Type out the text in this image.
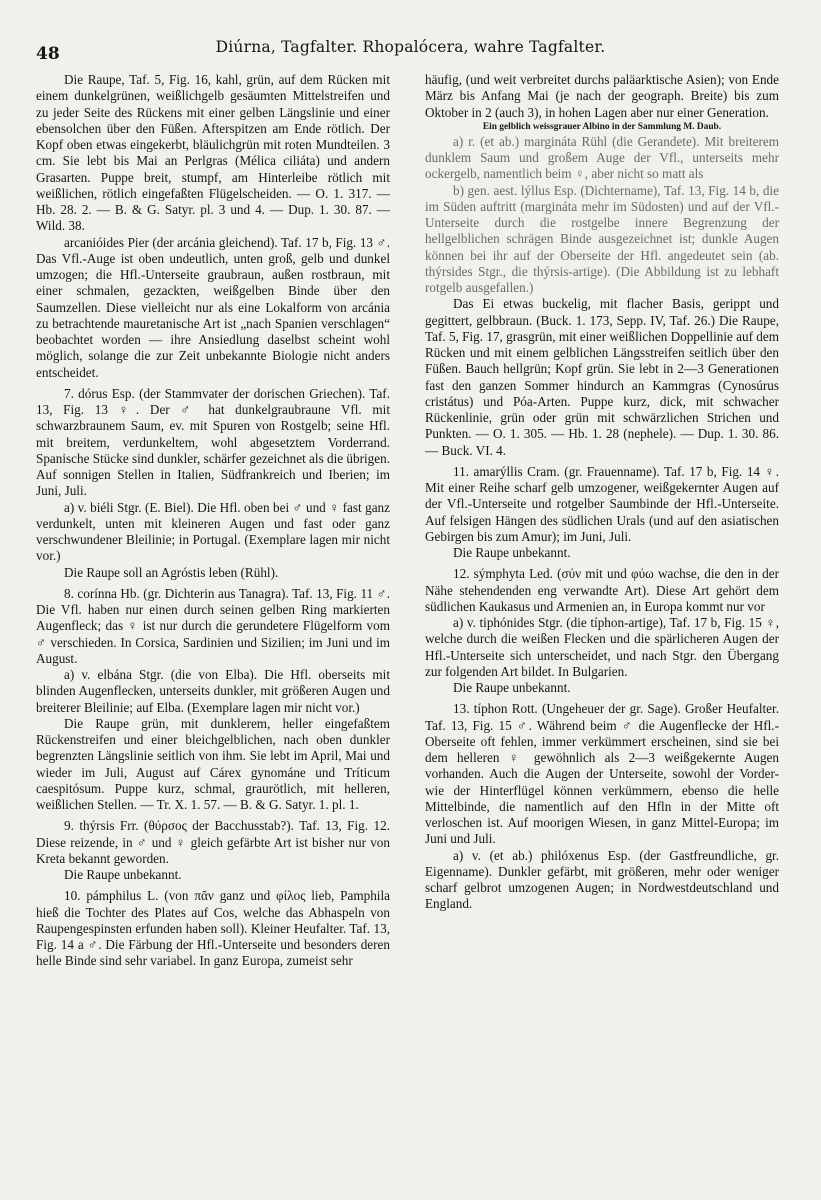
48	Diúrna, Tagfalter. Rhopalócera, wahre Tagfalter.

Die Raupe, Taf. 5, Fig. 16, kahl, grün, auf dem Rücken mit einem dunkelgrünen, weißlichgelb gesäumten Mittelstreifen und zu jeder Seite des Rückens mit einer gelben Längslinie und einer ebensolchen über den Füßen. Afterspitzen am Ende rötlich. Der Kopf oben etwas eingekerbt, bläulichgrün mit roten Mundteilen. 3 cm. Sie lebt bis Mai an Perlgras (Mélica ciliáta) und andern Grasarten. Puppe breit, stumpf, am Hinterleibe rötlich mit weißlichen, rötlich eingefaßten Flügelscheiden. — O. 1. 317. — Hb. 28. 2. — B. & G. Satyr. pl. 3 und 4. — Dup. 1. 30. 87. — Wild. 38.

arcanióides Pier (der arcánia gleichend). Taf. 17 b, Fig. 13 ♂. Das Vfl.-Auge ist oben undeutlich, unten groß, gelb und dunkel umzogen; die Hfl.-Unterseite graubraun, außen rostbraun, mit einer schmalen, gezackten, weißgelben Binde über den Saumzellen. Diese vielleicht nur als eine Lokalform von arcánia zu betrachtende mauretanische Art ist „nach Spanien verschlagen“ beobachtet worden — ihre Ansiedlung daselbst scheint wohl möglich, solange die zur Zeit unbekannte Biologie nicht anders entscheidet.

7. dórus Esp. (der Stammvater der dorischen Griechen). Taf. 13, Fig. 13 ♀. Der ♂ hat dunkelgraubraune Vfl. mit schwarzbraunem Saum, ev. mit Spuren von Rostgelb; seine Hfl. mit breitem, verdunkeltem, wohl abgesetztem Vorderrand. Spanische Stücke sind dunkler, schärfer gezeichnet als die übrigen. Auf sonnigen Stellen in Italien, Südfrankreich und Iberien; im Juni, Juli.

a) v. biéli Stgr. (E. Biel). Die Hfl. oben bei ♂ und ♀ fast ganz verdunkelt, unten mit kleineren Augen und fast oder ganz verschwundener Bleilinie; in Portugal. (Exemplare lagen mir nicht vor.)

Die Raupe soll an Agróstis leben (Rühl).

8. corínna Hb. (gr. Dichterin aus Tanagra). Taf. 13, Fig. 11 ♂. Die Vfl. haben nur einen durch seinen gelben Ring markierten Augenfleck; das ♀ ist nur durch die gerundetere Flügelform vom ♂ verschieden. In Corsica, Sardinien und Sizilien; im Juni und im August.

a) v. elbána Stgr. (die von Elba). Die Hfl. oberseits mit blinden Augenflecken, unterseits dunkler, mit größeren Augen und breiterer Bleilinie; auf Elba. (Exemplare lagen mir nicht vor.)

Die Raupe grün, mit dunklerem, heller eingefaßtem Rückenstreifen und einer bleichgelblichen, nach oben dunkler begrenzten Längslinie seitlich von ihm. Sie lebt im April, Mai und wieder im Juli, August auf Cárex gynománe und Tríticum caespitósum. Puppe kurz, schmal, graurötlich, mit helleren, weißlichen Stellen. — Tr. X. 1. 57. — B. & G. Satyr. 1. pl. 1.

9. thýrsis Frr. (θύρσος der Bacchusstab?). Taf. 13, Fig. 12. Diese reizende, in ♂ und ♀ gleich gefärbte Art ist bisher nur von Kreta bekannt geworden.

Die Raupe unbekannt.

10. pámphilus L. (von πᾶν ganz und φίλος lieb, Pamphila hieß die Tochter des Plates auf Cos, welche das Abhaspeln von Raupengespinsten erfunden haben soll). Kleiner Heufalter. Taf. 13, Fig. 14 a ♂. Die Färbung der Hfl.-Unterseite und besonders deren helle Binde sind sehr variabel. In ganz Europa, zumeist sehr

häufig, (und weit verbreitet durchs paläarktische Asien); von Ende März bis Anfang Mai (je nach der geograph. Breite) bis zum Oktober in 2 (auch 3), in hohen Lagen aber nur einer Generation.

Ein gelblich weissgrauer Albino in der Sammlung M. Daub.

a) r. (et ab.) margináta Rühl (die Gerandete). Mit breiterem dunklem Saum und großem Auge der Vfl., unterseits mehr ockergelb, namentlich beim ♀, aber nicht so matt als

b) gen. aest. lýllus Esp. (Dichtername), Taf. 13, Fig. 14 b, die im Süden auftritt (margináta mehr im Südosten) und auf der Vfl.-Unterseite durch die rostgelbe innere Begrenzung der hellgelblichen schrägen Binde ausgezeichnet ist; dunkle Augen können bei ihr auf der Oberseite der Hfl. angedeutet sein (ab. thýrsides Stgr., die thýrsis-artige). (Die Abbildung ist zu lebhaft rotgelb ausgefallen.)

Das Ei etwas buckelig, mit flacher Basis, gerippt und gegittert, gelbbraun. (Buck. 1. 173, Sepp. IV, Taf. 26.) Die Raupe, Taf. 5, Fig. 17, grasgrün, mit einer weißlichen Doppellinie auf dem Rücken und mit einem gelblichen Längsstreifen seitlich über den Füßen. Bauch hellgrün; Kopf grün. Sie lebt in 2—3 Generationen fast den ganzen Sommer hindurch an Kammgras (Cynosúrus cristátus) und Póa-Arten. Puppe kurz, dick, mit schwacher Rückenlinie, grün oder grün mit schwärzlichen Strichen und Punkten. — O. 1. 305. — Hb. 1. 28 (nephele). — Dup. 1. 30. 86. — Buck. VI. 4.

11. amarýllis Cram. (gr. Frauenname). Taf. 17 b, Fig. 14 ♀. Mit einer Reihe scharf gelb umzogener, weißgekernter Augen auf der Vfl.-Unterseite und rotgelber Saumbinde der Hfl.-Unterseite. Auf felsigen Hängen des südlichen Urals (und auf den asiatischen Gebirgen bis zum Amur); im Juni, Juli.

Die Raupe unbekannt.

12. sýmphyta Led. (σύν mit und φύω wachse, die den in der Nähe stehendenden eng verwandte Art). Diese Art gehört dem südlichen Kaukasus und Armenien an, in Europa kommt nur vor

a) v. tiphónides Stgr. (die típhon-artige), Taf. 17 b, Fig. 15 ♀, welche durch die weißen Flecken und die spärlicheren Augen der Hfl.-Unterseite sich unterscheidet, und nach Stgr. den Übergang zur folgenden Art bildet. In Bulgarien.

Die Raupe unbekannt.

13. típhon Rott. (Ungeheuer der gr. Sage). Großer Heufalter. Taf. 13, Fig. 15 ♂. Während beim ♂ die Augenflecke der Hfl.-Oberseite oft fehlen, immer verkümmert erscheinen, sind sie bei dem helleren ♀ gewöhnlich als 2—3 weißgekernte Augen vorhanden. Auch die Augen der Unterseite, sowohl der Vorder- wie der Hinterflügel können verkümmern, ebenso die helle Mittelbinde, die namentlich auf den Hfln in der Mitte oft verloschen ist. Auf moorigen Wiesen, in ganz Mittel-Europa; im Juni und Juli.

a) v. (et ab.) philóxenus Esp. (der Gastfreundliche, gr. Eigenname). Dunkler gefärbt, mit größeren, mehr oder weniger scharf gelbrot umzogenen Augen; in Nordwestdeutschland und England.
